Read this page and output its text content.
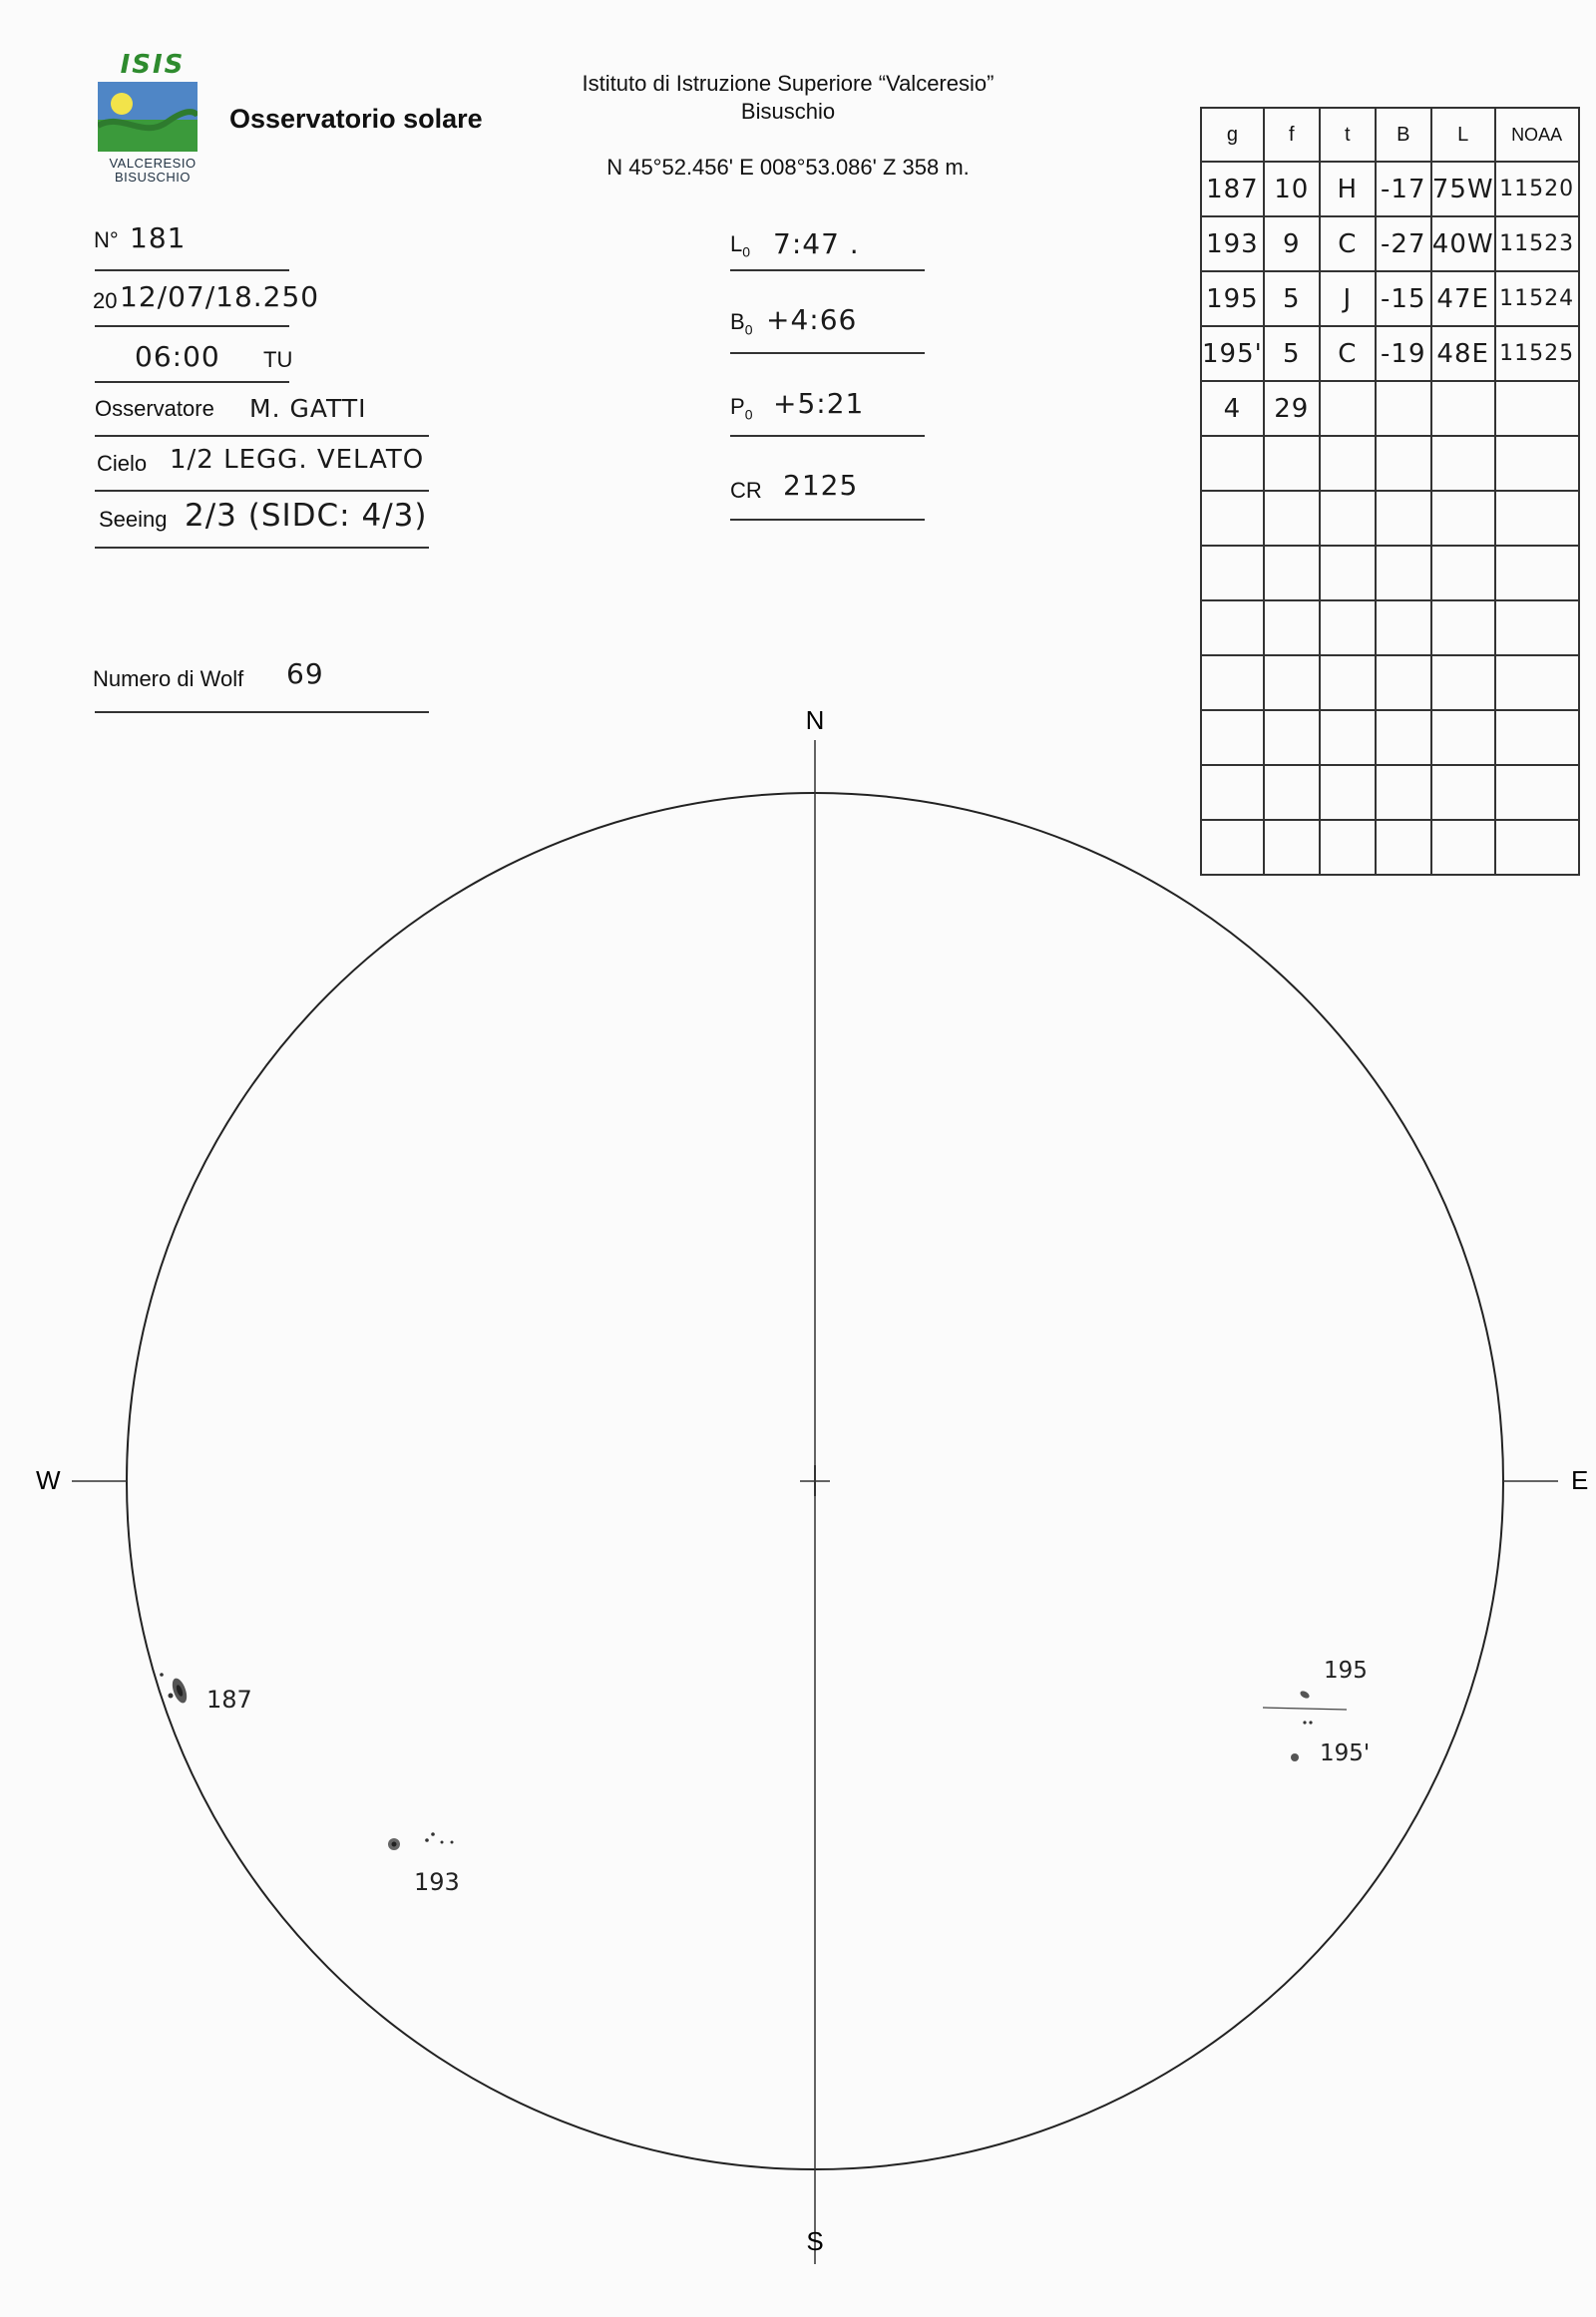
ISIS
VALCERESIO
BISUSCHIO
Osservatorio solare
Istituto di Istruzione Superiore “Valceresio”
Bisuschio
N 45°52.456' E 008°53.086' Z 358 m.
N° 181
20 12/07/18.250
06:00 TU
Osservatore M. GATTI
Cielo 1/2 LEGG. VELATO
Seeing 2/3 (SIDC: 4/3)
Numero di Wolf 69
$L_0$ 7:47 .
$B_0$ +4:66
$P_0$ +5:21
CR 2125
g	f	t	B	L	NOAA
187	10	H	-17	75W	11520
193	9	C	-27	40W	11523
195	5	J	-15	47E	11524
195'	5	C	-19	48E	11525
4	29				

N
S
E
W
187
193
195
195'
